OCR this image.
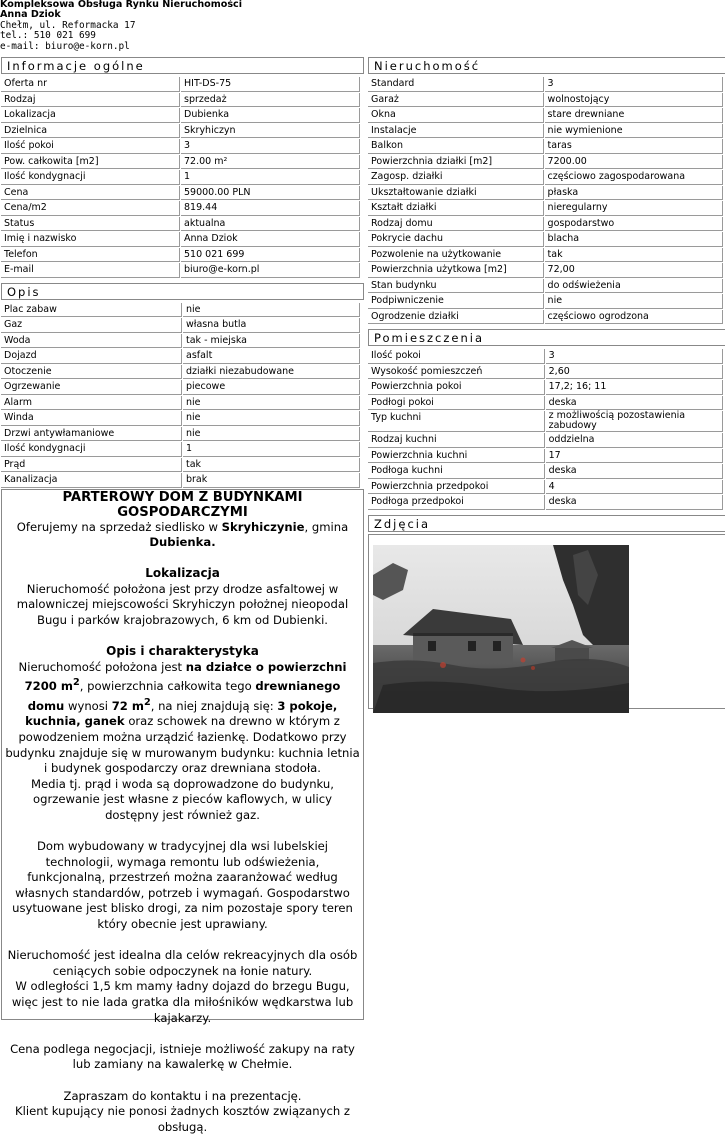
Kompleksowa Obsługa Rynku Nieruchomości
Anna Dziok
Chełm, ul. Reformacka 17
tel.: 510 021 699
e-mail: biuro@e-korn.pl
Informacje ogólne
Oferta nr	HIT-DS-75
Rodzaj	sprzedaż
Lokalizacja	Dubienka
Dzielnica	Skryhiczyn
Ilość pokoi	3
Pow. całkowita [m2]	72.00 m²
Ilość kondygnacji	1
Cena	59000.00 PLN
Cena/m2	819.44
Status	aktualna
Imię i nazwisko	Anna Dziok
Telefon	510 021 699
E-mail	biuro@e-korn.pl
Opis
Plac zabaw	nie
Gaz	własna butla
Woda	tak - miejska
Dojazd	asfalt
Otoczenie	działki niezabudowane
Ogrzewanie	piecowe
Alarm	nie
Winda	nie
Drzwi antywłamaniowe	nie
Ilość kondygnacji	1
Prąd	tak
Kanalizacja	brak
PARTEROWY DOM Z BUDYNKAMI GOSPODARCZYMI

Oferujemy na sprzedaż siedlisko w Skryhiczynie, gmina Dubienka.

Lokalizacja

Nieruchomość położona jest przy drodze asfaltowej w malowniczej miejscowości Skryhiczyn położnej nieopodal Bugu i parków krajobrazowych, 6 km od Dubienki.

Opis i charakterystyka

Nieruchomość położona jest na działce o powierzchni 7200 $m^2$, powierzchnia całkowita tego drewnianego domu wynosi 72 $m^2$, na niej znajdują się: 3 pokoje, kuchnia, ganek oraz schowek na drewno w którym z powodzeniem można urządzić łazienkę. Dodatkowo przy budynku znajduje się w murowanym budynku: kuchnia letnia i budynek gospodarczy oraz drewniana stodoła.

Media tj. prąd i woda są doprowadzone do budynku, ogrzewanie jest własne z pieców kaflowych, w ulicy dostępny jest również gaz.

Dom wybudowany w tradycyjnej dla wsi lubelskiej technologii, wymaga remontu lub odświeżenia, funkcjonalną, przestrzeń można zaaranżować według własnych standardów, potrzeb i wymagań. Gospodarstwo usytuowane jest blisko drogi, za nim pozostaje spory teren który obecnie jest uprawiany.

Nieruchomość jest idealna dla celów rekreacyjnych dla osób ceniących sobie odpoczynek na łonie natury.

W odległości 1,5 km mamy ładny dojazd do brzegu Bugu, więc jest to nie lada gratka dla miłośników wędkarstwa lub kajakarzy.

Cena podlega negocjacji, istnieje możliwość zakupy na raty lub zamiany na kawalerkę w Chełmie.

Zapraszam do kontaktu i na prezentację.

Klient kupujący nie ponosi żadnych kosztów związanych z obsługą.

Nieruchomość
Standard	3
Garaż	wolnostojący
Okna	stare drewniane
Instalacje	nie wymienione
Balkon	taras
Powierzchnia działki [m2]	7200.00
Zagosp. działki	częściowo zagospodarowana
Ukształtowanie działki	płaska
Kształt działki	nieregularny
Rodzaj domu	gospodarstwo
Pokrycie dachu	blacha
Pozwolenie na użytkowanie	tak
Powierzchnia użytkowa [m2]	72,00
Stan budynku	do odświeżenia
Podpiwniczenie	nie
Ogrodzenie działki	częściowo ogrodzona
Pomieszczenia
Ilość pokoi	3
Wysokość pomieszczeń	2,60
Powierzchnia pokoi	17,2; 16; 11
Podłogi pokoi	deska
Typ kuchni	z możliwością pozostawienia zabudowy
Rodzaj kuchni	oddzielna
Powierzchnia kuchni	17
Podłoga kuchni	deska
Powierzchnia przedpokoi	4
Podłoga przedpokoi	deska
Zdjęcia
